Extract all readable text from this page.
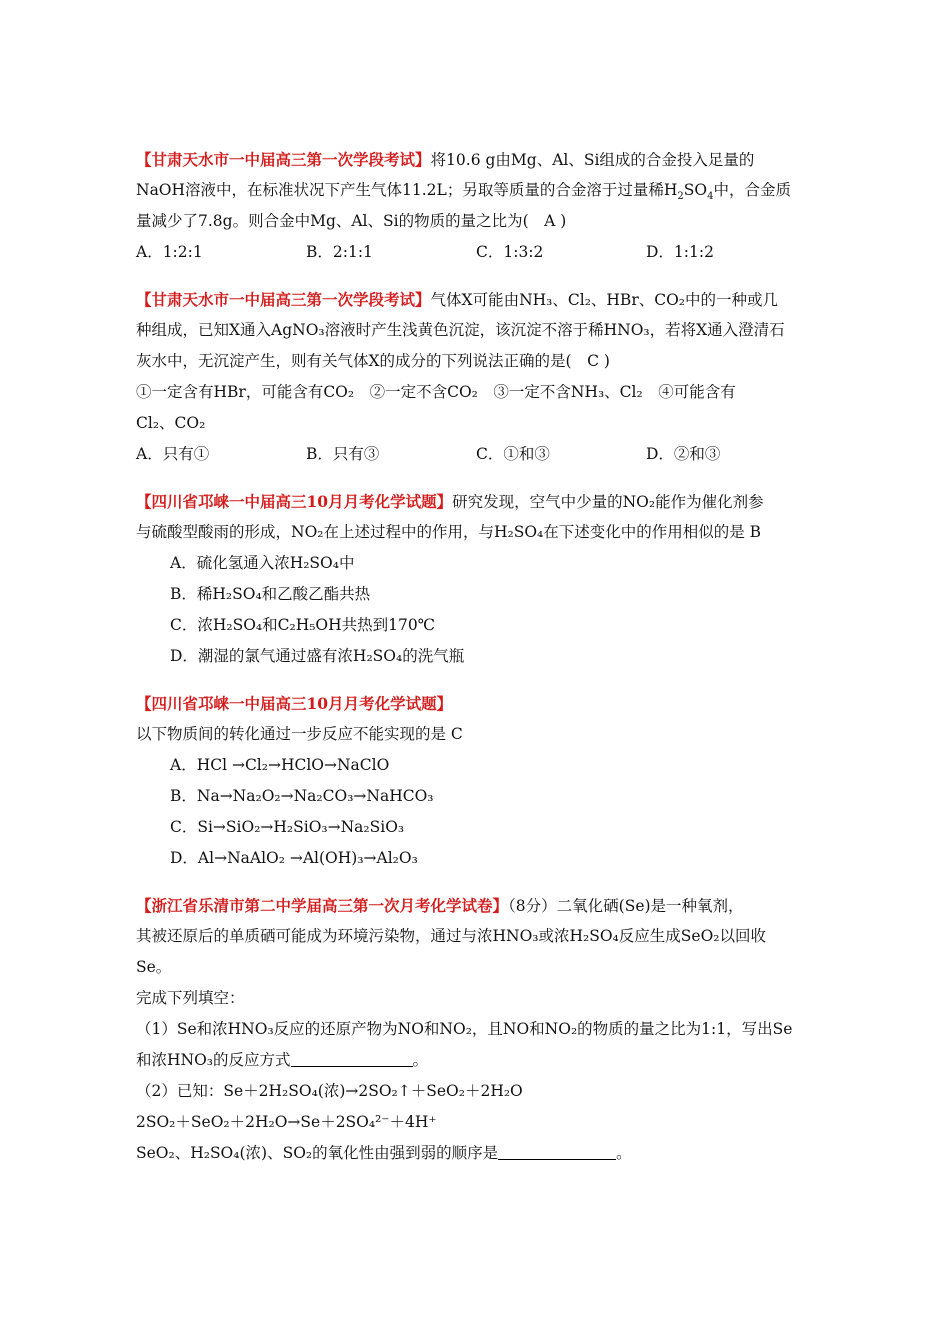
【甘肃天水市一中届高三第一次学段考试】将10.6 g由Mg、Al、Si组成的合金投入足量的
NaOH溶液中，在标准状况下产生气体11.2L；另取等质量的合金溶于过量稀$H_2SO_4$中，合金质
量减少了7.8g。则合金中Mg、Al、Si的物质的量之比为(　A )
A．1:2:1	B．2:1:1	C．1:3:2	D．1:1:2
【甘肃天水市一中届高三第一次学段考试】气体X可能由NH₃、Cl₂、HBr、CO₂中的一种或几
种组成，已知X通入AgNO₃溶液时产生浅黄色沉淀，该沉淀不溶于稀HNO₃，若将X通入澄清石
灰水中，无沉淀产生，则有关气体X的成分的下列说法正确的是(　C )
①一定含有HBr，可能含有CO₂　②一定不含CO₂　③一定不含NH₃、Cl₂　④可能含有
Cl₂、CO₂
A．只有①	B．只有③	C．①和③	D．②和③
【四川省邛崃一中届高三10月月考化学试题】研究发现，空气中少量的NO₂能作为催化剂参
与硫酸型酸雨的形成，NO₂在上述过程中的作用，与H₂SO₄在下述变化中的作用相似的是 B
A．硫化氢通入浓H₂SO₄中
B．稀H₂SO₄和乙酸乙酯共热
C．浓H₂SO₄和C₂H₅OH共热到170℃
D．潮湿的氯气通过盛有浓H₂SO₄的洗气瓶
【四川省邛崃一中届高三10月月考化学试题】
以下物质间的转化通过一步反应不能实现的是 C
A．HCl →Cl₂→HClO→NaClO
B．Na→Na₂O₂→Na₂CO₃→NaHCO₃
C．Si→SiO₂→H₂SiO₃→Na₂SiO₃
D．Al→NaAlO₂ →Al(OH)₃→Al₂O₃
【浙江省乐清市第二中学届高三第一次月考化学试卷】（8分）二氧化硒(Se)是一种氧剂，
其被还原后的单质硒可能成为环境污染物，通过与浓HNO₃或浓H₂SO₄反应生成SeO₂以回收
Se。
完成下列填空：
（1）Se和浓HNO₃反应的还原产物为NO和NO₂，且NO和NO₂的物质的量之比为1:1，写出Se
和浓HNO₃的反应方式	。
（2）已知：Se＋2H₂SO₄(浓)→2SO₂↑＋SeO₂＋2H₂O
2SO₂＋SeO₂＋2H₂O→Se＋2SO₄²⁻＋4H⁺
SeO₂、H₂SO₄(浓)、SO₂的氧化性由强到弱的顺序是	。
